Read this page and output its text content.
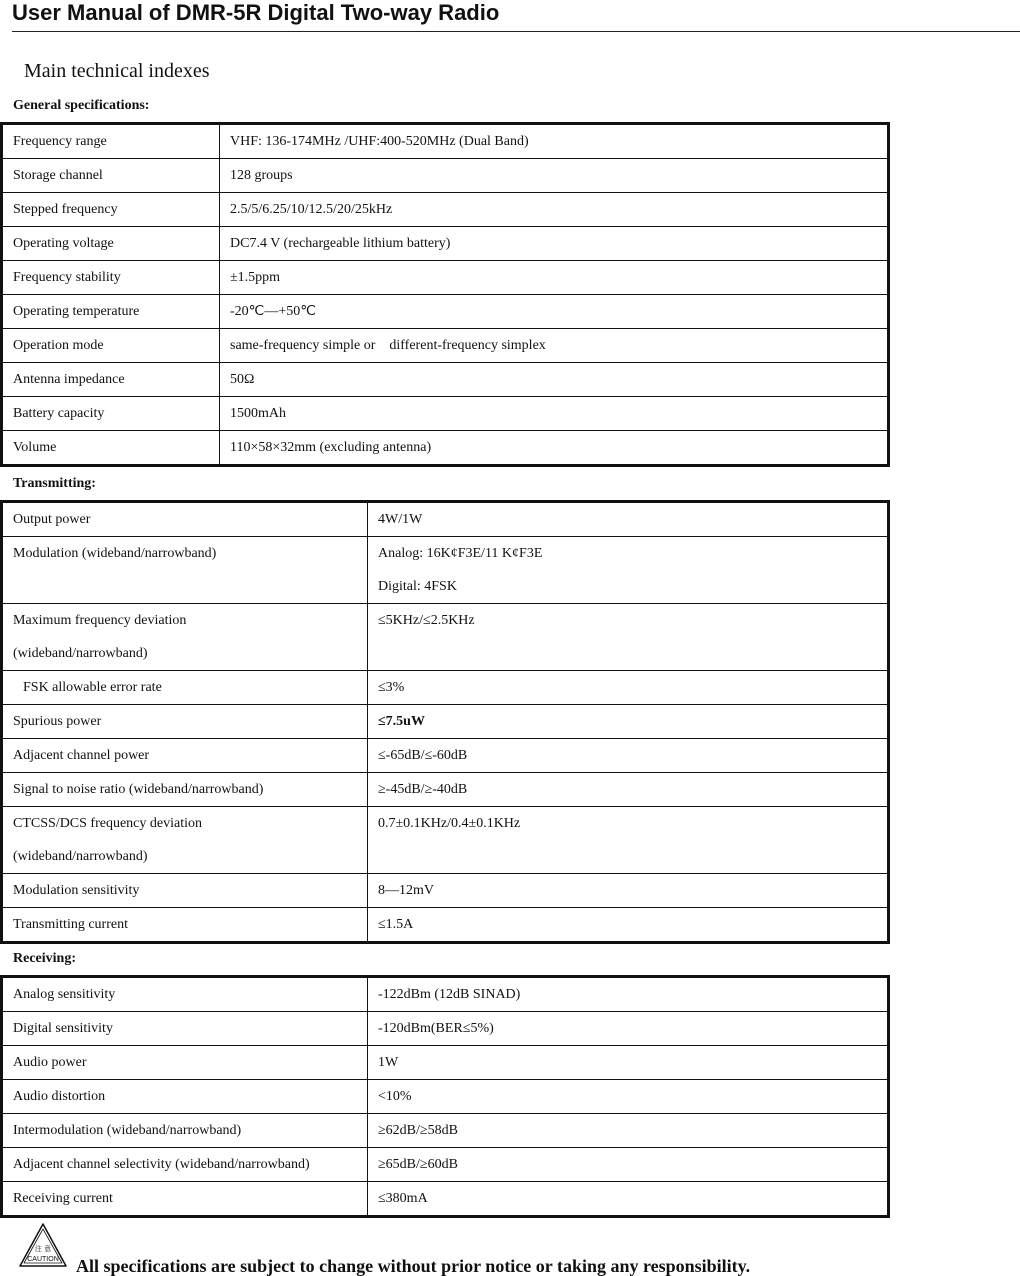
User Manual of DMR-5R Digital Two-way Radio
Main technical indexes
General specifications:
Frequency range	VHF: 136-174MHz /UHF:400-520MHz (Dual Band)
Storage channel	128 groups
Stepped frequency	2.5/5/6.25/10/12.5/20/25kHz
Operating voltage	DC7.4 V (rechargeable lithium battery)
Frequency stability	±1.5ppm
Operating temperature	-20℃—+50℃
Operation mode	same-frequency simple or    different-frequency simplex
Antenna impedance	50Ω
Battery capacity	1500mAh
Volume	110×58×32mm (excluding antenna)
Transmitting:
Output power	4W/1W
Modulation (wideband/narrowband)	Analog: 16K¢F3E/11 K¢F3E
Digital: 4FSK

Maximum frequency deviation
(wideband/narrowband)	≤5KHz/≤2.5KHz
FSK allowable error rate	≤3%
Spurious power	≤7.5uW
Adjacent channel power	≤-65dB/≤-60dB
Signal to noise ratio (wideband/narrowband)	≥-45dB/≥-40dB

CTCSS/DCS frequency deviation
(wideband/narrowband)	0.7±0.1KHz/0.4±0.1KHz
Modulation sensitivity	8—12mV
Transmitting current	≤1.5A
Receiving:
Analog sensitivity	-122dBm (12dB SINAD)
Digital sensitivity	-120dBm(BER≤5%)
Audio power	1W
Audio distortion	<10%
Intermodulation (wideband/narrowband)	≥62dB/≥58dB
Adjacent channel selectivity (wideband/narrowband)	≥65dB/≥60dB
Receiving current	≤380mA
注 意
CAUTION All specifications are subject to change without prior notice or taking any responsibility.
